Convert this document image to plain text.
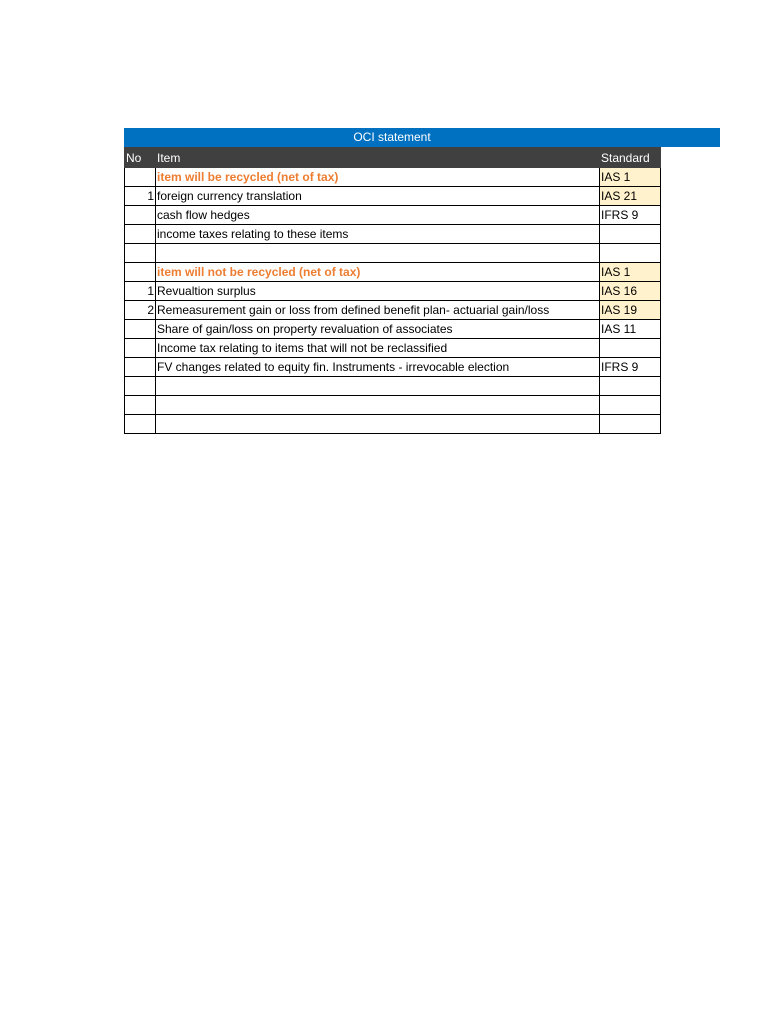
OCI statement
No	Item	Standard
	item will be recycled (net of tax)	IAS 1
1	foreign currency translation	IAS 21
	cash flow hedges	IFRS 9
	income taxes relating to these items	

	item will not be recycled (net of tax)	IAS 1
1	Revualtion surplus	IAS 16
2	Remeasurement gain or loss from defined benefit plan- actuarial gain/loss	IAS 19
	Share of gain/loss on property revaluation of associates	IAS 11
	Income tax relating to items that will not be reclassified	
	FV changes related to equity fin. Instruments - irrevocable election	IFRS 9
